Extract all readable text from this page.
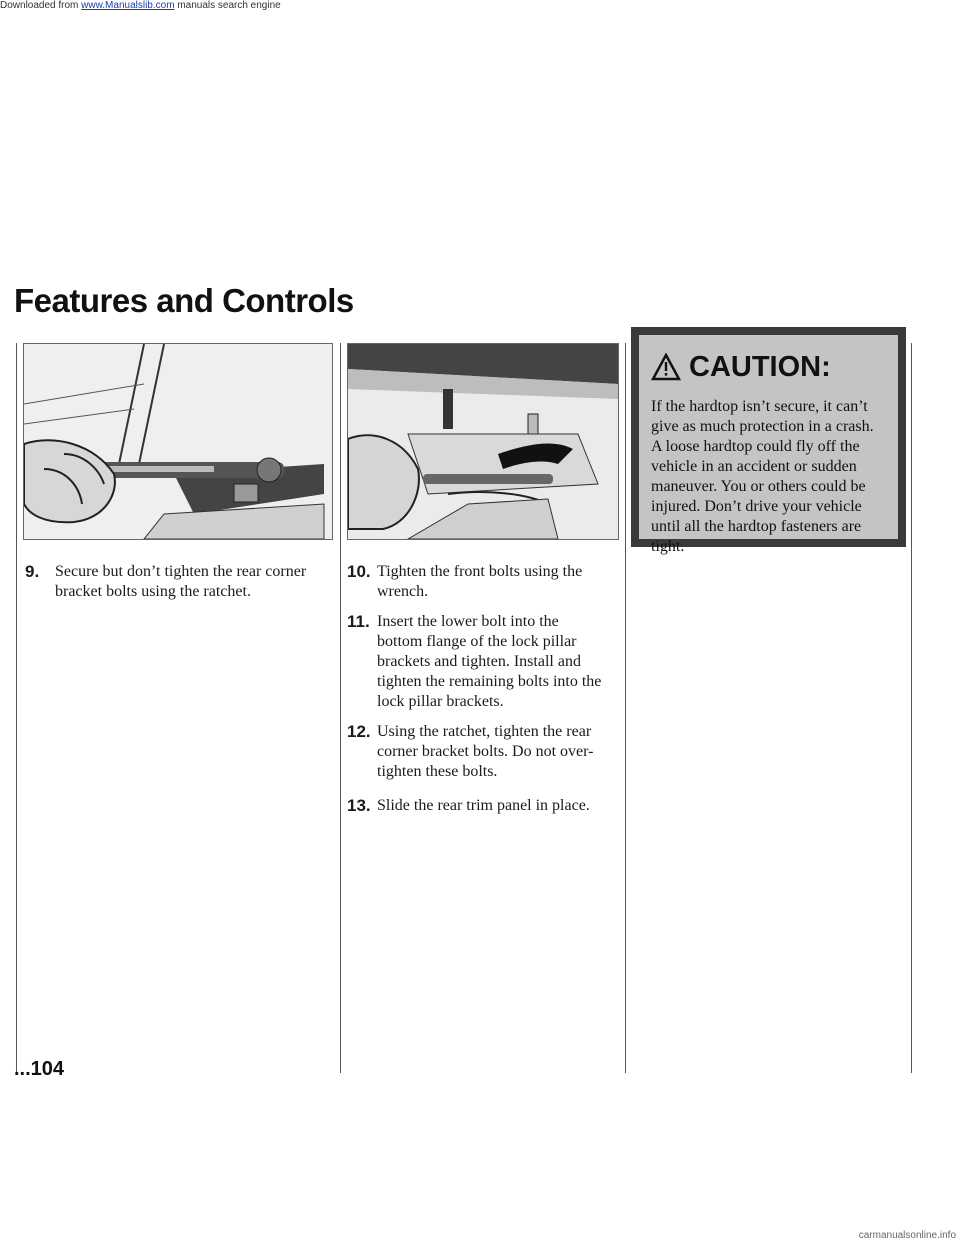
Downloaded from www.Manualslib.com manuals search engine
Features and Controls
9. Secure but don’t tighten the rear corner bracket bolts using the ratchet.
10. Tighten the front bolts using the wrench.
11. Insert the lower bolt into the bottom flange of the lock pillar brackets and tighten. Install and tighten the remaining bolts into the lock pillar brackets.
12. Using the ratchet, tighten the rear corner bracket bolts. Do not over-tighten these bolts.
13. Slide the rear trim panel in place.
CAUTION:
If the hardtop isn’t secure, it can’t give as much protection in a crash. A loose hardtop could fly off the vehicle in an accident or sudden maneuver. You or others could be injured. Don’t drive your vehicle until all the hardtop fasteners are tight.
...104
carmanualsonline.info
